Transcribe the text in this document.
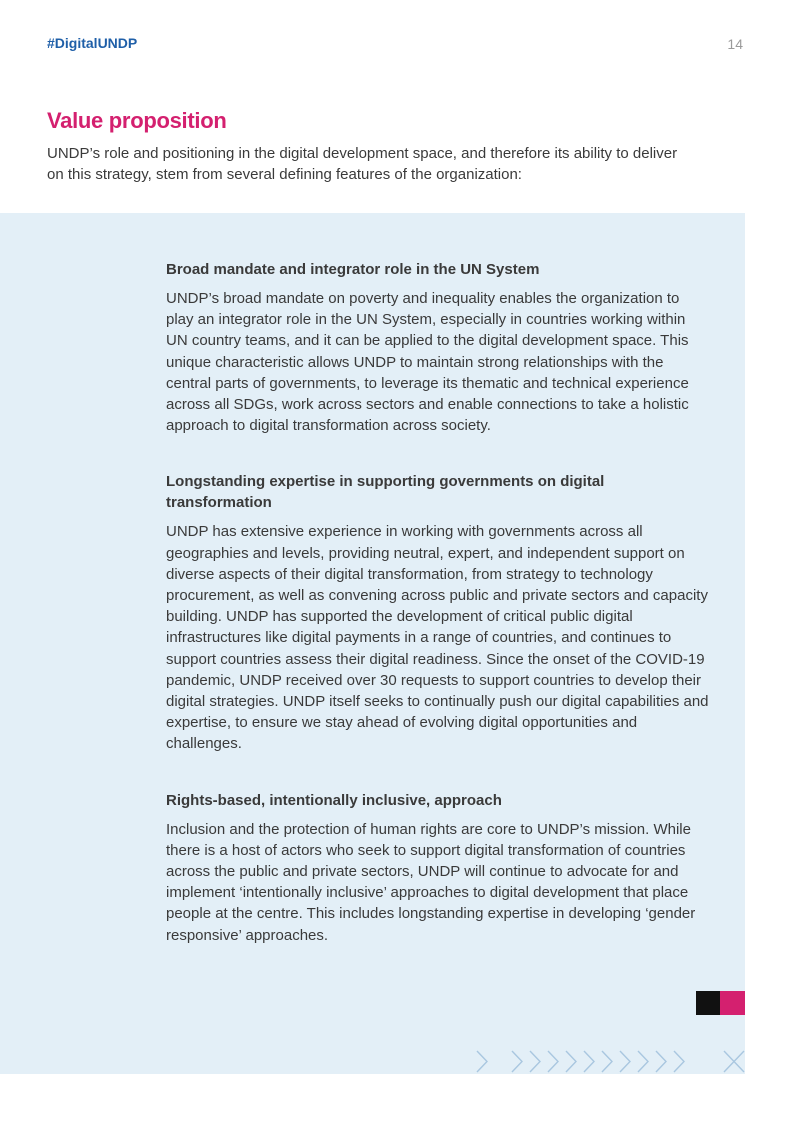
#DigitalUNDP	14
Value proposition

UNDP’s role and positioning in the digital development space, and therefore its ability to deliver on this strategy, stem from several defining features of the organization:

Broad mandate and integrator role in the UN System

UNDP’s broad mandate on poverty and inequality enables the organization to play an integrator role in the UN System, especially in countries working within UN country teams, and it can be applied to the digital development space. This unique characteristic allows UNDP to maintain strong relationships with the central parts of governments, to leverage its thematic and technical experience across all SDGs, work across sectors and enable connections to take a holistic approach to digital transformation across society.

Longstanding expertise in supporting governments on digital transformation

UNDP has extensive experience in working with governments across all geographies and levels, providing neutral, expert, and independent support on diverse aspects of their digital transformation, from strategy to technology procurement, as well as convening across public and private sectors and capacity building. UNDP has supported the development of critical public digital infrastructures like digital payments in a range of countries, and continues to support countries assess their digital readiness. Since the onset of the COVID-19 pandemic, UNDP received over 30 requests to support countries to develop their digital strategies. UNDP itself seeks to continually push our digital capabilities and expertise, to ensure we stay ahead of evolving digital opportunities and challenges.

Rights-based, intentionally inclusive, approach

Inclusion and the protection of human rights are core to UNDP’s mission. While there is a host of actors who seek to support digital transformation of countries across the public and private sectors, UNDP will continue to advocate for and implement ‘intentionally inclusive’ approaches to digital development that place people at the centre. This includes longstanding expertise in developing ‘gender responsive’ approaches.
